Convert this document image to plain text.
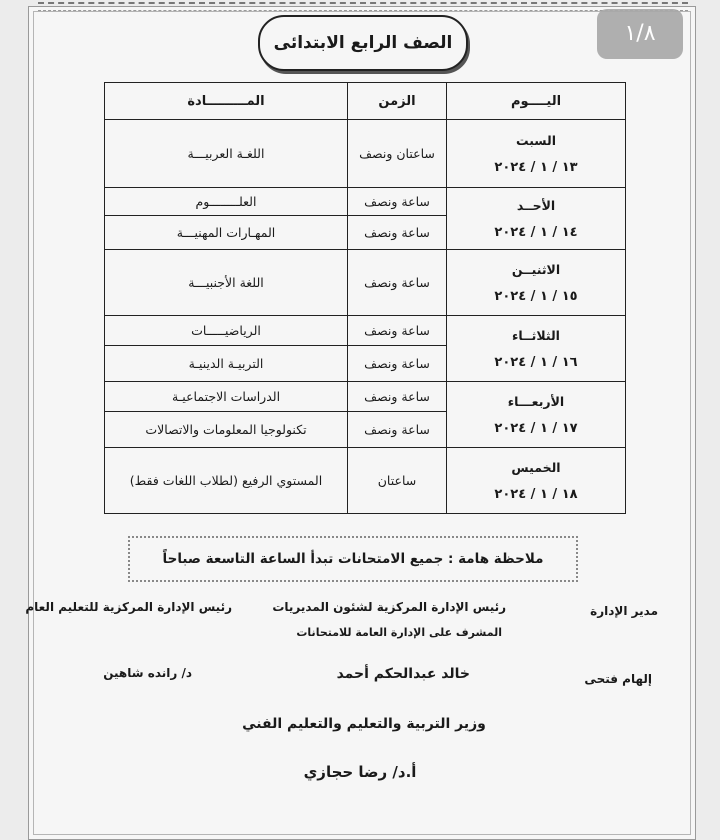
١/٨
الصف الرابع الابتدائى
اليــــوم	الزمن	المـــــــــادة

السبت
١٣ / ١ / ٢٠٢٤	ساعتان ونصف	اللغـة العربيـــة

الأحــد
١٤ / ١ / ٢٠٢٤	ساعة ونصف	العلــــــــوم
	ساعة ونصف	المهـارات المهنيـــة

الاثنيــن
١٥ / ١ / ٢٠٢٤	ساعة ونصف	اللغة الأجنبيـــة

الثلاثــاء
١٦ / ١ / ٢٠٢٤	ساعة ونصف	الرياضيـــــات
	ساعة ونصف	التربيـة الدينيـة

الأربعـــاء
١٧ / ١ / ٢٠٢٤	ساعة ونصف	الدراسات الاجتماعيـة
	ساعة ونصف	تكنولوجيا المعلومات والاتصالات

الخميس
١٨ / ١ / ٢٠٢٤	ساعتان	المستوي الرفيع (لطلاب اللغات فقط)
ملاحظة هامة : جميع الامتحانات تبدأ الساعة التاسعة صباحاً
مدير الإدارة
رئيس الإدارة المركزية لشئون المديريات
المشرف على الإدارة العامة للامتحانات
رئيس الإدارة المركزية للتعليم العام
إلهام فتحى
خالد عبدالحكم أحمد
د/ رانده شاهين
وزير التربية والتعليم والتعليم الفني
أ.د/ رضا حجازي
